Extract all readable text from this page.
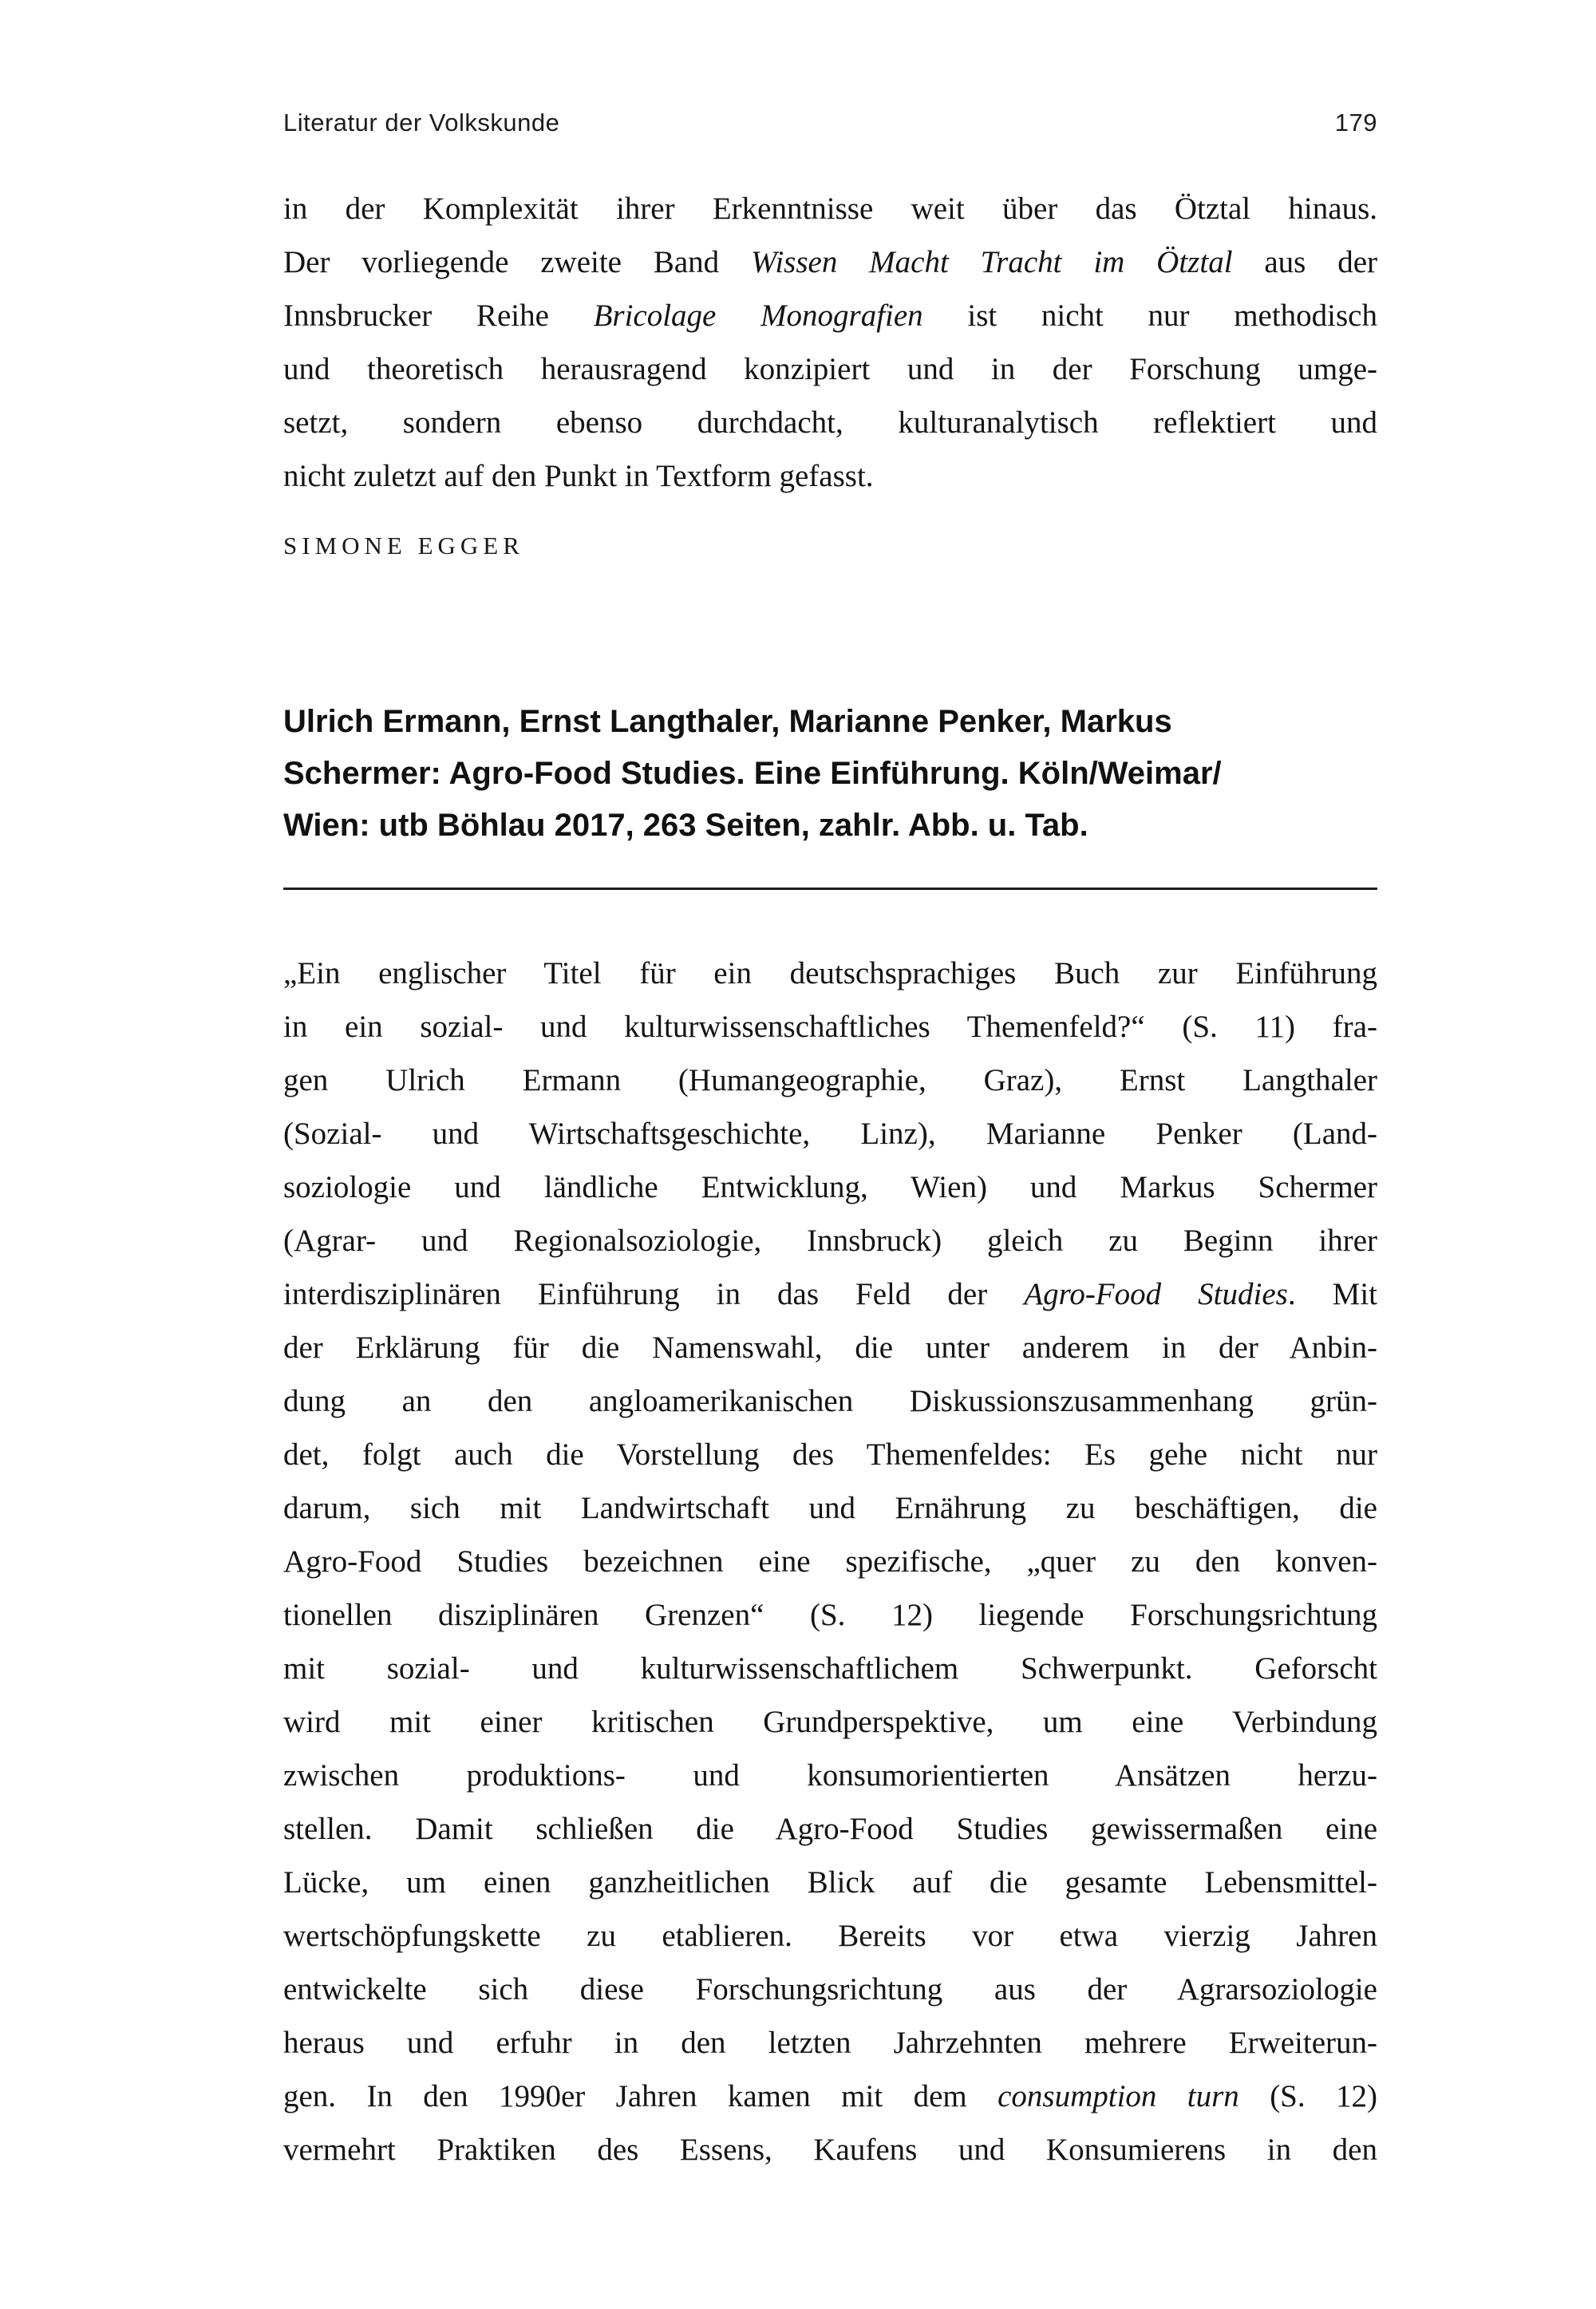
Literatur der Volkskunde	179
in der Komplexität ihrer Erkenntnisse weit über das Ötztal hinaus.
Der vorliegende zweite Band Wissen Macht Tracht im Ötztal aus der
Innsbrucker Reihe Bricolage Monografien ist nicht nur methodisch
und theoretisch herausragend konzipiert und in der Forschung umge-
setzt, sondern ebenso durchdacht, kulturanalytisch reflektiert und
nicht zuletzt auf den Punkt in Textform gefasst.
SIMONE EGGER
Ulrich Ermann, Ernst Langthaler, Marianne Penker, Markus
Schermer: Agro-Food Studies. Eine Einführung. Köln/Weimar/
Wien: utb Böhlau 2017, 263 Seiten, zahlr. Abb. u. Tab.
„Ein englischer Titel für ein deutschsprachiges Buch zur Einführung
in ein sozial- und kulturwissenschaftliches Themenfeld?“ (S. 11) fra-
gen Ulrich Ermann (Humangeographie, Graz), Ernst Langthaler
(Sozial- und Wirtschaftsgeschichte, Linz), Marianne Penker (Land-
soziologie und ländliche Entwicklung, Wien) und Markus Schermer
(Agrar- und Regionalsoziologie, Innsbruck) gleich zu Beginn ihrer
interdisziplinären Einführung in das Feld der Agro-Food Studies. Mit
der Erklärung für die Namenswahl, die unter anderem in der Anbin-
dung an den angloamerikanischen Diskussionszusammenhang grün-
det, folgt auch die Vorstellung des Themenfeldes: Es gehe nicht nur
darum, sich mit Landwirtschaft und Ernährung zu beschäftigen, die
Agro-Food Studies bezeichnen eine spezifische, „quer zu den konven-
tionellen disziplinären Grenzen“ (S. 12) liegende Forschungsrichtung
mit sozial- und kulturwissenschaftlichem Schwerpunkt. Geforscht
wird mit einer kritischen Grundperspektive, um eine Verbindung
zwischen produktions- und konsumorientierten Ansätzen herzu-
stellen. Damit schließen die Agro-Food Studies gewissermaßen eine
Lücke, um einen ganzheitlichen Blick auf die gesamte Lebensmittel-
wertschöpfungskette zu etablieren. Bereits vor etwa vierzig Jahren
entwickelte sich diese Forschungsrichtung aus der Agrarsoziologie
heraus und erfuhr in den letzten Jahrzehnten mehrere Erweiterun-
gen. In den 1990er Jahren kamen mit dem consumption turn (S. 12)
vermehrt Praktiken des Essens, Kaufens und Konsumierens in den
